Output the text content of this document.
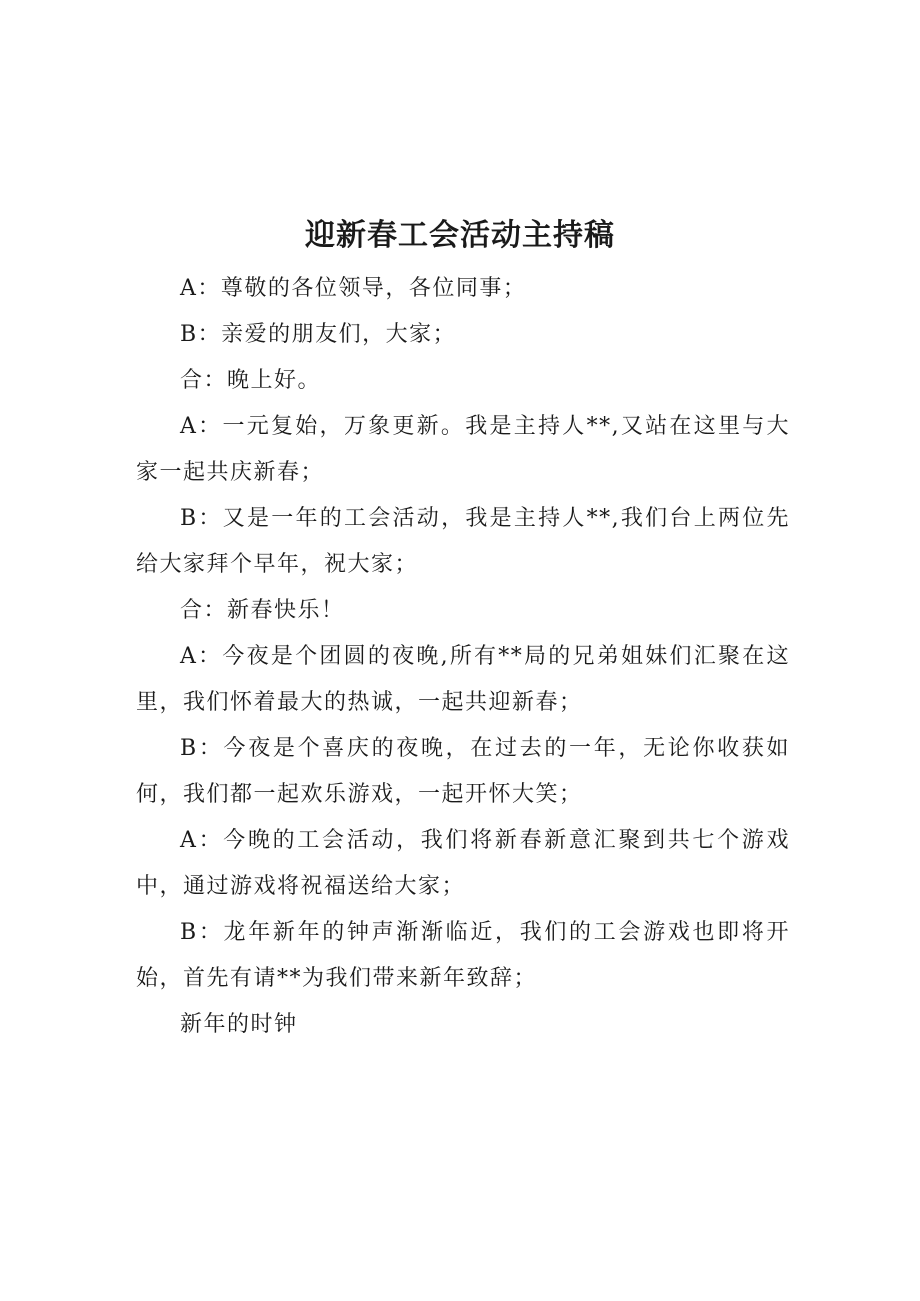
迎新春工会活动主持稿

A：尊敬的各位领导，各位同事；

B：亲爱的朋友们，大家；

合：晚上好。

A：一元复始，万象更新。我是主持人**,又站在这里与大家一起共庆新春；

B：又是一年的工会活动，我是主持人**,我们台上两位先给大家拜个早年，祝大家；

合：新春快乐！

A：今夜是个团圆的夜晚,所有**局的兄弟姐妹们汇聚在这里，我们怀着最大的热诚，一起共迎新春；

B：今夜是个喜庆的夜晚，在过去的一年，无论你收获如何，我们都一起欢乐游戏，一起开怀大笑；

A：今晚的工会活动，我们将新春新意汇聚到共七个游戏中，通过游戏将祝福送给大家；

B：龙年新年的钟声渐渐临近，我们的工会游戏也即将开始，首先有请**为我们带来新年致辞；

新年的时钟
